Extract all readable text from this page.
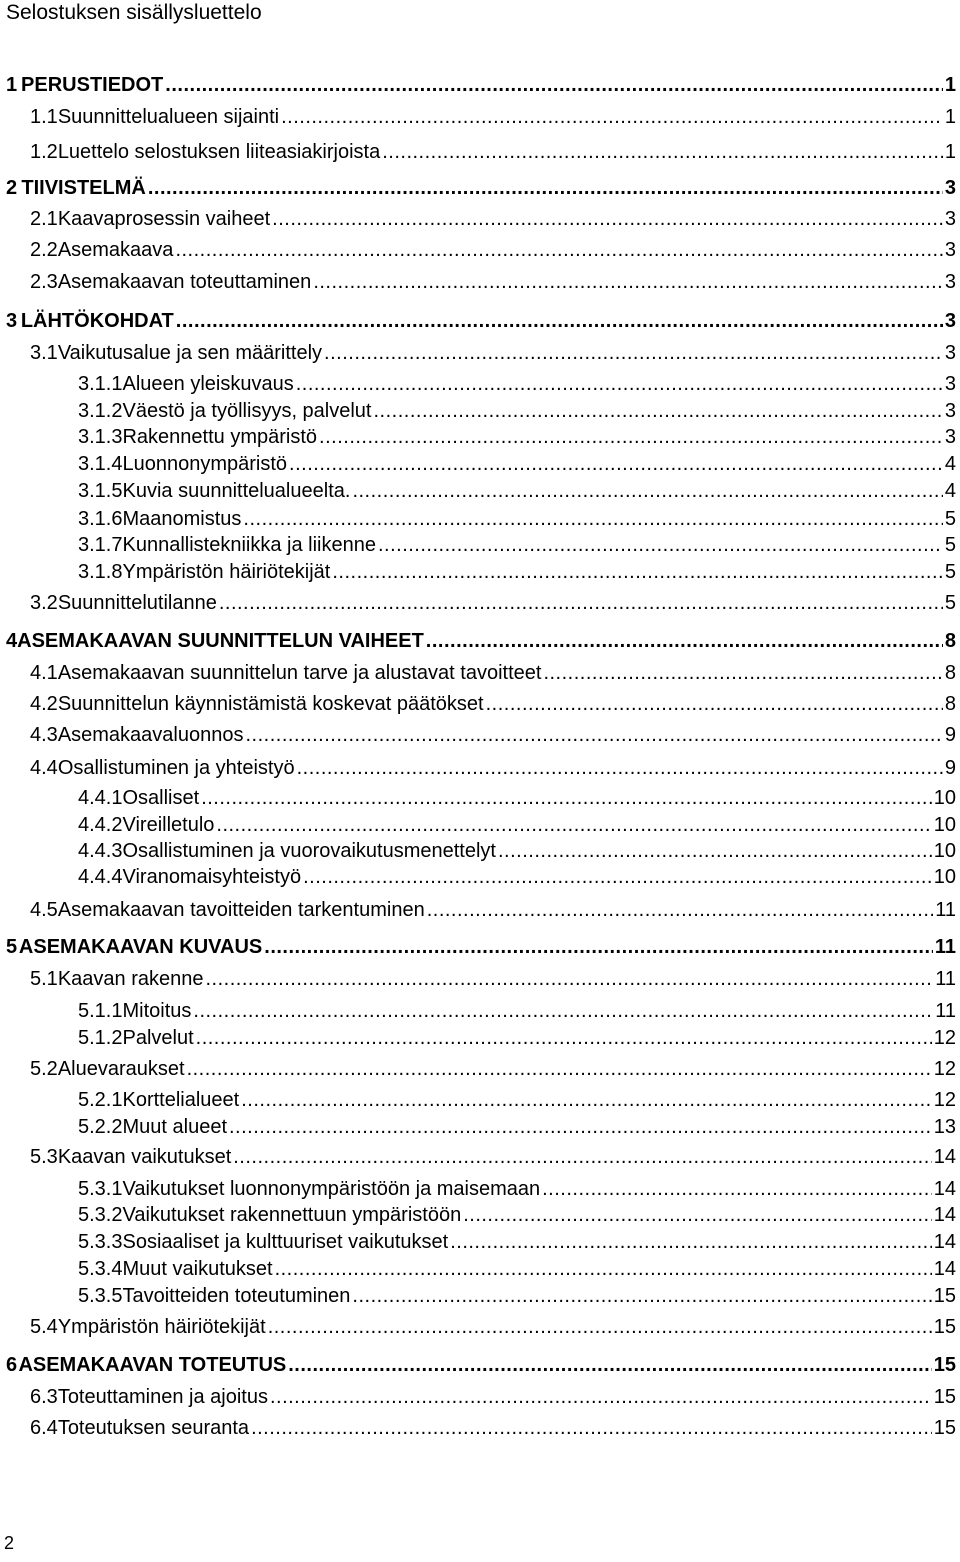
Selostuksen sisällysluettelo
1 PERUSTIEDOT .....	1
1.1 Suunnittelualueen sijainti .....	1
1.2 Luettelo selostuksen liiteasiakirjoista .....	1
2 TIIVISTELMÄ .....	3
2.1 Kaavaprosessin vaiheet .....	3
2.2 Asemakaava .....	3
2.3 Asemakaavan toteuttaminen .....	3
3 LÄHTÖKOHDAT .....	3
3.1 Vaikutusalue ja sen määrittely .....	3
3.1.1 Alueen yleiskuvaus .....	3
3.1.2 Väestö ja työllisyys, palvelut .....	3
3.1.3 Rakennettu ympäristö .....	3
3.1.4 Luonnonympäristö .....	4
3.1.5 Kuvia suunnittelualueelta. .....	4
3.1.6 Maanomistus .....	5
3.1.7 Kunnallistekniikka ja liikenne .....	5
3.1.8 Ympäristön häiriötekijät .....	5
3.2 Suunnittelutilanne .....	5
4 ASEMAKAAVAN SUUNNITTELUN VAIHEET .....	8
4.1 Asemakaavan suunnittelun tarve ja alustavat tavoitteet .....	8
4.2 Suunnittelun käynnistämistä koskevat päätökset .....	8
4.3 Asemakaavaluonnos .....	9
4.4 Osallistuminen ja yhteistyö .....	9
4.4.1 Osalliset .....	10
4.4.2 Vireilletulo .....	10
4.4.3 Osallistuminen ja vuorovaikutusmenettelyt .....	10
4.4.4 Viranomaisyhteistyö .....	10
4.5 Asemakaavan tavoitteiden tarkentuminen .....	11
5 ASEMAKAAVAN KUVAUS .....	11
5.1 Kaavan rakenne .....	11
5.1.1 Mitoitus .....	11
5.1.2 Palvelut .....	12
5.2 Aluevaraukset .....	12
5.2.1 Korttelialueet .....	12
5.2.2 Muut alueet .....	13
5.3 Kaavan vaikutukset .....	14
5.3.1 Vaikutukset luonnonympäristöön ja maisemaan .....	14
5.3.2 Vaikutukset rakennettuun ympäristöön .....	14
5.3.3 Sosiaaliset ja kulttuuriset vaikutukset .....	14
5.3.4 Muut vaikutukset .....	14
5.3.5 Tavoitteiden toteutuminen .....	15
5.4 Ympäristön häiriötekijät .....	15
6 ASEMAKAAVAN TOTEUTUS .....	15
6.3 Toteuttaminen ja ajoitus .....	15
6.4 Toteutuksen seuranta .....	15
2
